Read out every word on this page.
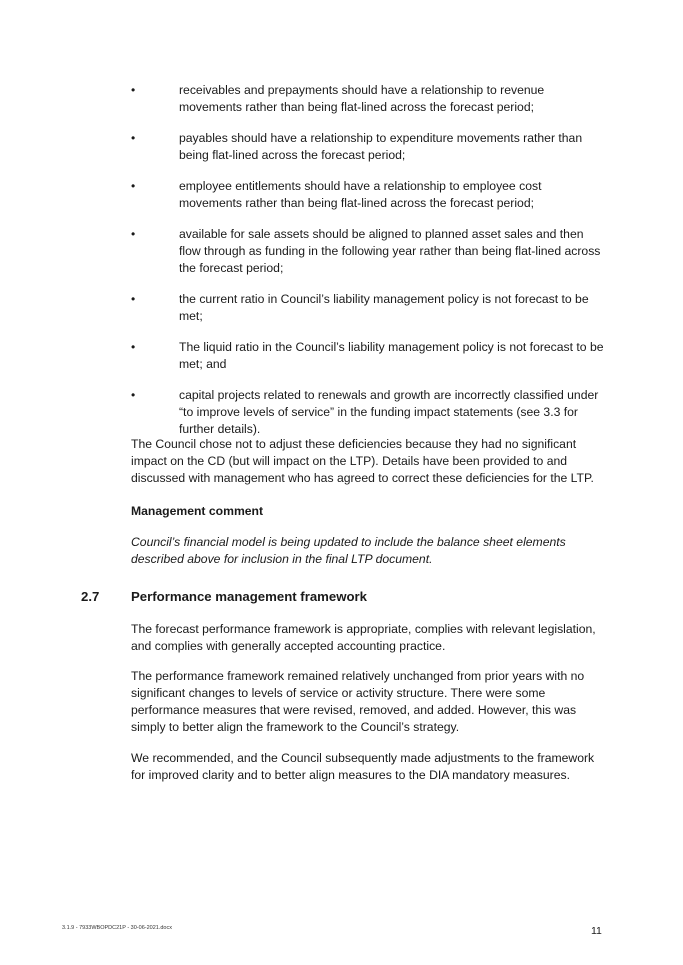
•	receivables and prepayments should have a relationship to revenue movements rather than being flat-lined across the forecast period;
•	payables should have a relationship to expenditure movements rather than being flat-lined across the forecast period;
•	employee entitlements should have a relationship to employee cost movements rather than being flat-lined across the forecast period;
•	available for sale assets should be aligned to planned asset sales and then flow through as funding in the following year rather than being flat-lined across the forecast period;
•	the current ratio in Council’s liability management policy is not forecast to be met;
•	The liquid ratio in the Council’s liability management policy is not forecast to be met; and
•	capital projects related to renewals and growth are incorrectly classified under “to improve levels of service” in the funding impact statements (see 3.3 for further details).

The Council chose not to adjust these deficiencies because they had no significant impact on the CD (but will impact on the LTP). Details have been provided to and discussed with management who has agreed to correct these deficiencies for the LTP.

Management comment

Council’s financial model is being updated to include the balance sheet elements described above for inclusion in the final LTP document.

2.7 Performance management framework

The forecast performance framework is appropriate, complies with relevant legislation, and complies with generally accepted accounting practice.

The performance framework remained relatively unchanged from prior years with no significant changes to levels of service or activity structure. There were some performance measures that were revised, removed, and added. However, this was simply to better align the framework to the Council’s strategy.

We recommended, and the Council subsequently made adjustments to the framework for improved clarity and to better align measures to the DIA mandatory measures.

3.1.9 - 7933WBOPDC21P - 30-06-2021.docx	11
